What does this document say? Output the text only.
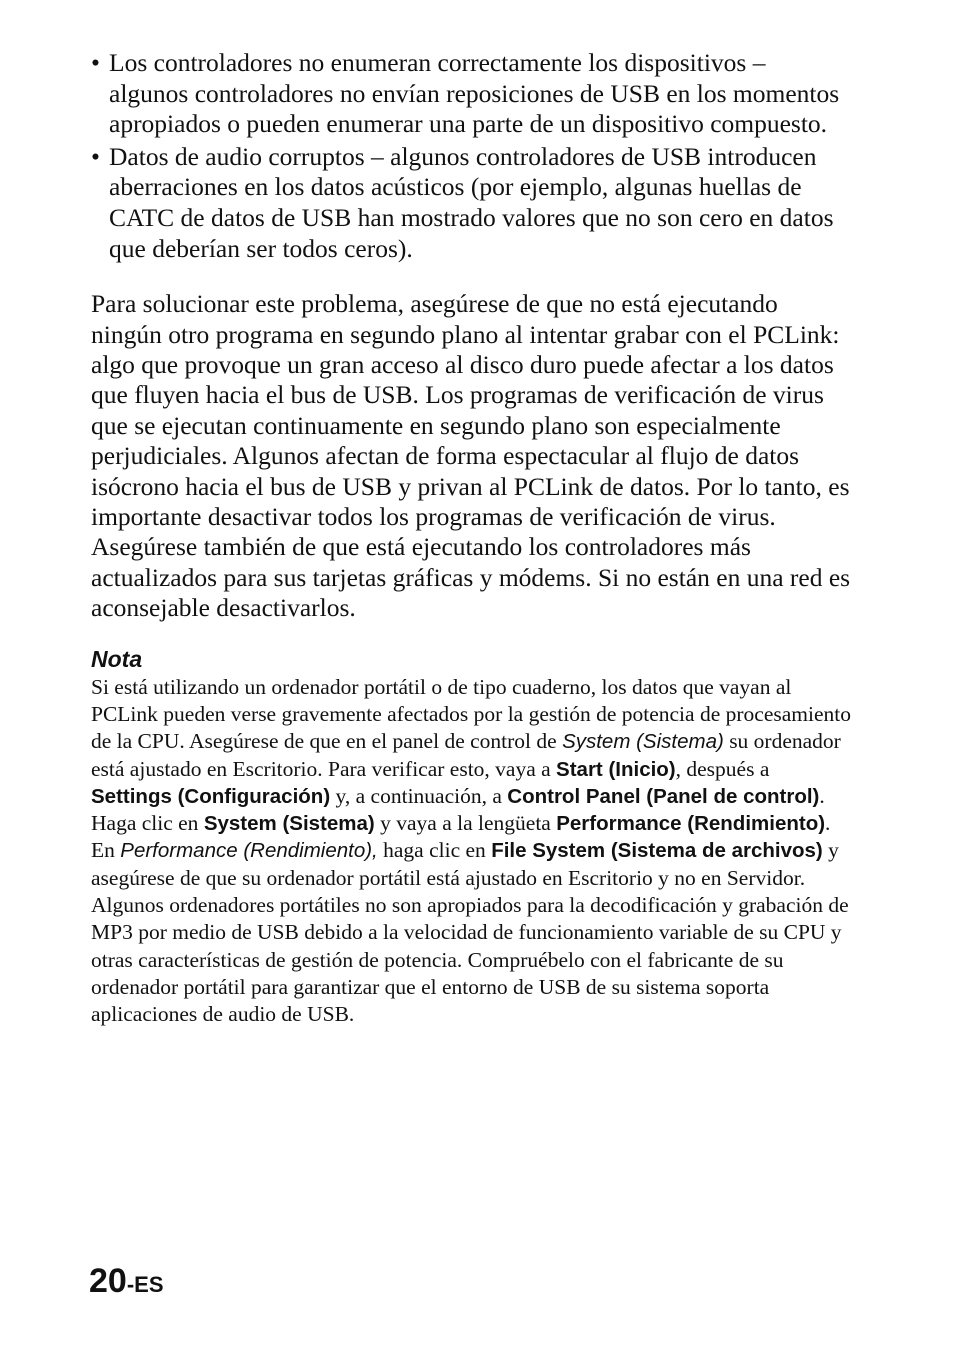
• Los controladores no enumeran correctamente los dispositivos – algunos controladores no envían reposiciones de USB en los momentos apropiados o pueden enumerar una parte de un dispositivo compuesto.
• Datos de audio corruptos – algunos controladores de USB introducen aberraciones en los datos acústicos (por ejemplo, algunas huellas de CATC de datos de USB han mostrado valores que no son cero en datos que deberían ser todos ceros).

Para solucionar este problema, asegúrese de que no está ejecutando ningún otro programa en segundo plano al intentar grabar con el PCLink: algo que provoque un gran acceso al disco duro puede afectar a los datos que fluyen hacia el bus de USB. Los programas de verificación de virus que se ejecutan continuamente en segundo plano son especialmente perjudiciales. Algunos afectan de forma espectacular al flujo de datos isócrono hacia el bus de USB y privan al PCLink de datos. Por lo tanto, es importante desactivar todos los programas de verificación de virus. Asegúrese también de que está ejecutando los controladores más actualizados para sus tarjetas gráficas y módems. Si no están en una red es aconsejable desactivarlos.

Nota

Si está utilizando un ordenador portátil o de tipo cuaderno, los datos que vayan al PCLink pueden verse gravemente afectados por la gestión de potencia de procesamiento de la CPU. Asegúrese de que en el panel de control de System (Sistema) su ordenador está ajustado en Escritorio. Para verificar esto, vaya a Start (Inicio), después a Settings (Configuración) y, a continuación, a Control Panel (Panel de control). Haga clic en System (Sistema) y vaya a la lengüeta Performance (Rendimiento). En Performance (Rendimiento), haga clic en File System (Sistema de archivos) y asegúrese de que su ordenador portátil está ajustado en Escritorio y no en Servidor. Algunos ordenadores portátiles no son apropiados para la decodificación y grabación de MP3 por medio de USB debido a la velocidad de funcionamiento variable de su CPU y otras características de gestión de potencia. Compruébelo con el fabricante de su ordenador portátil para garantizar que el entorno de USB de su sistema soporta aplicaciones de audio de USB.

20-ES
